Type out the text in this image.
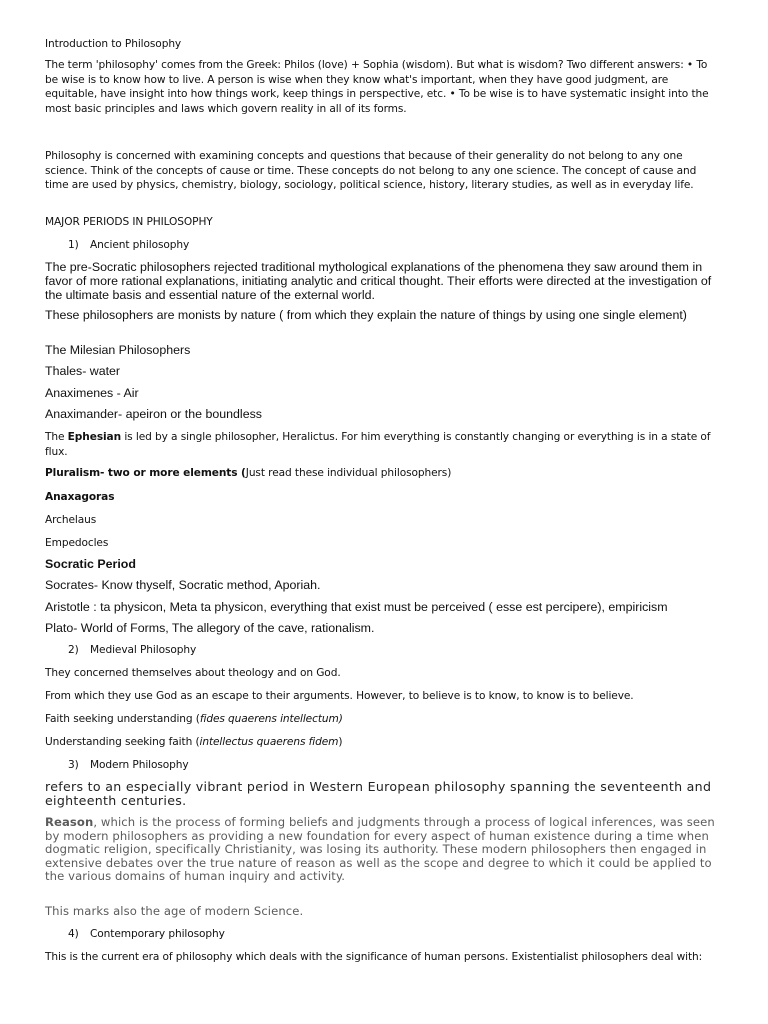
Introduction to Philosophy

The term 'philosophy' comes from the Greek: Philos (love) + Sophia (wisdom). But what is wisdom? Two different answers: • To be wise is to know how to live. A person is wise when they know what's important, when they have good judgment, are equitable, have insight into how things work, keep things in perspective, etc. • To be wise is to have systematic insight into the most basic principles and laws which govern reality in all of its forms.

Philosophy is concerned with examining concepts and questions that because of their generality do not belong to any one science. Think of the concepts of cause or time. These concepts do not belong to any one science. The concept of cause and time are used by physics, chemistry, biology, sociology, political science, history, literary studies, as well as in everyday life.

MAJOR PERIODS IN PHILOSOPHY

1) Ancient philosophy

The pre-Socratic philosophers rejected traditional mythological explanations of the phenomena they saw around them in favor of more rational explanations, initiating analytic and critical thought. Their efforts were directed at the investigation of the ultimate basis and essential nature of the external world.

These philosophers are monists by nature ( from which they explain the nature of things by using one single element)

The Milesian Philosophers

Thales- water

Anaximenes - Air

Anaximander- apeiron or the boundless

The Ephesian is led by a single philosopher, Heralictus. For him everything is constantly changing or everything is in a state of flux.

Pluralism- two or more elements (Just read these individual philosophers)

Anaxagoras

Archelaus

Empedocles

Socratic Period

Socrates- Know thyself, Socratic method, Aporiah.

Aristotle : ta physicon, Meta ta physicon, everything that exist must be perceived ( esse est percipere), empiricism

Plato- World of Forms, The allegory of the cave, rationalism.

2) Medieval Philosophy

They concerned themselves about theology and on God.

From which they use God as an escape to their arguments. However, to believe is to know, to know is to believe.

Faith seeking understanding (fides quaerens intellectum)

Understanding seeking faith (intellectus quaerens fidem)

3) Modern Philosophy

refers to an especially vibrant period in Western European philosophy spanning the seventeenth and eighteenth centuries.

Reason, which is the process of forming beliefs and judgments through a process of logical inferences, was seen by modern philosophers as providing a new foundation for every aspect of human existence during a time when dogmatic religion, specifically Christianity, was losing its authority. These modern philosophers then engaged in extensive debates over the true nature of reason as well as the scope and degree to which it could be applied to the various domains of human inquiry and activity.

This marks also the age of modern Science.

4) Contemporary philosophy

This is the current era of philosophy which deals with the significance of human persons. Existentialist philosophers deal with:
